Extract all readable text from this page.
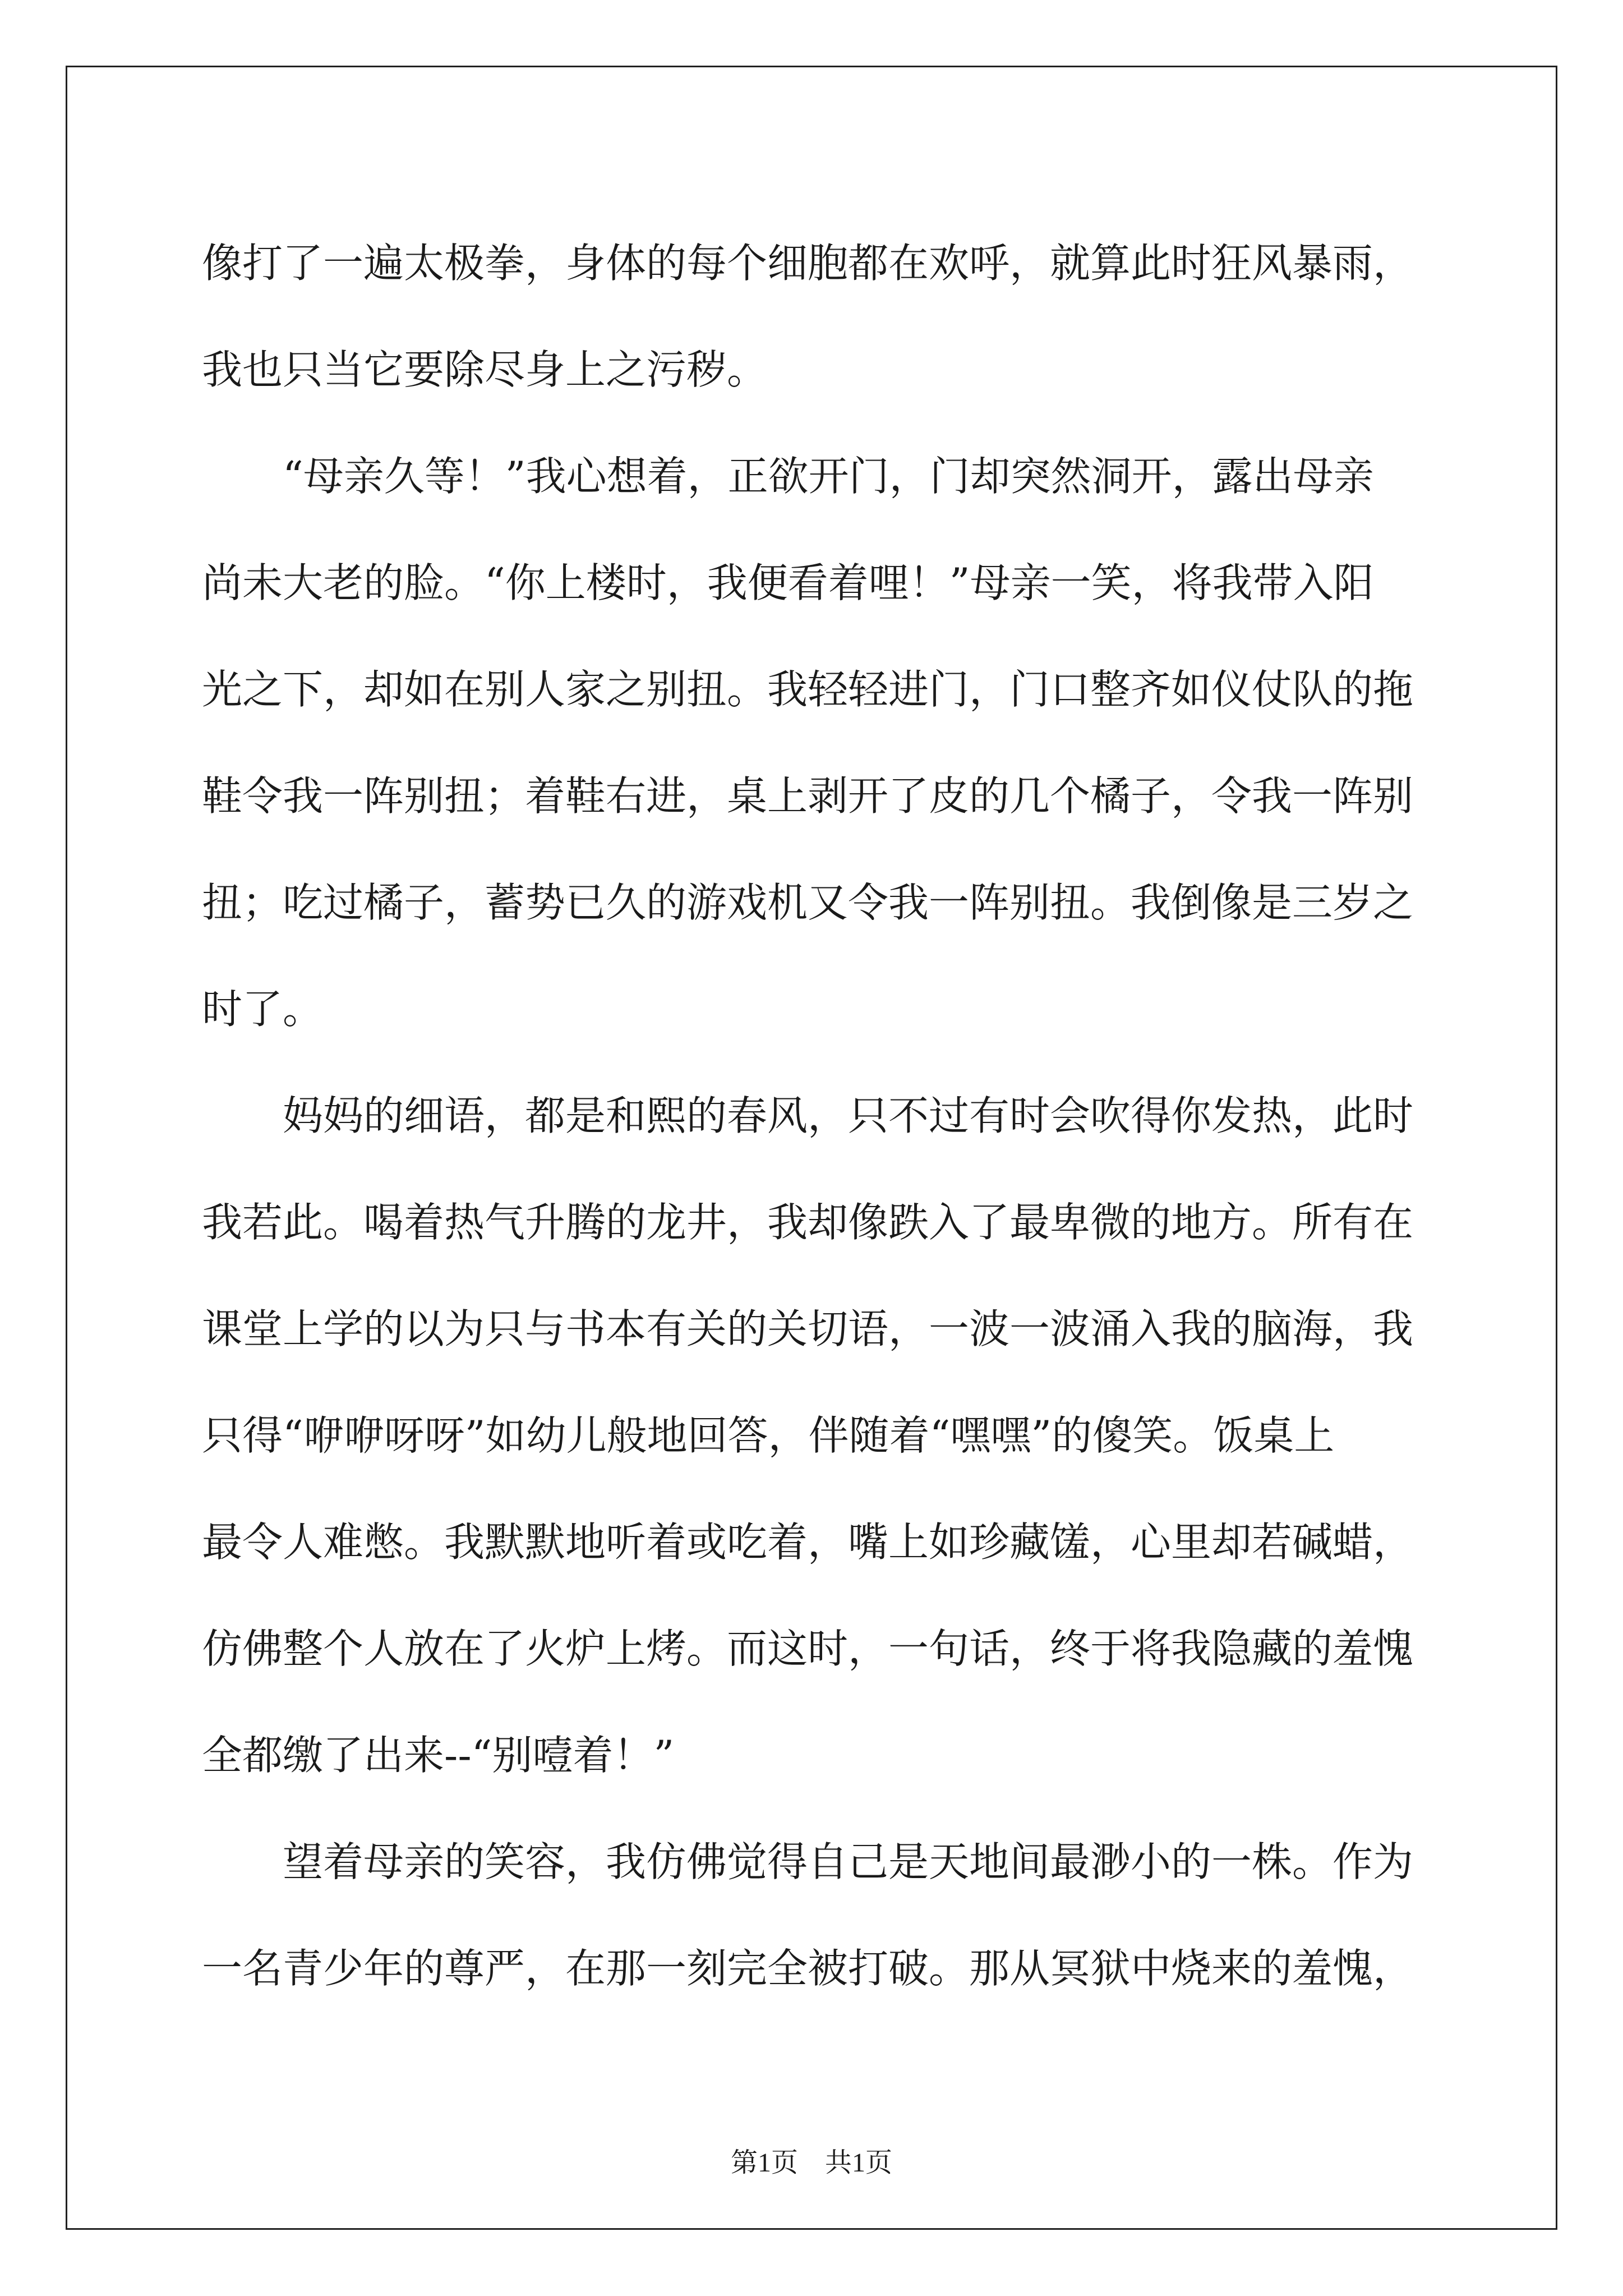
像打了一遍太极拳，身体的每个细胞都在欢呼，就算此时狂风暴雨，
我也只当它要除尽身上之污秽。
　　“母亲久等！”我心想着，正欲开门，门却突然洞开，露出母亲
尚未大老的脸。“你上楼时，我便看着哩！”母亲一笑，将我带入阳
光之下，却如在别人家之别扭。我轻轻进门，门口整齐如仪仗队的拖
鞋令我一阵别扭；着鞋右进，桌上剥开了皮的几个橘子，令我一阵别
扭；吃过橘子，蓄势已久的游戏机又令我一阵别扭。我倒像是三岁之
时了。
　　妈妈的细语，都是和熙的春风，只不过有时会吹得你发热，此时
我若此。喝着热气升腾的龙井，我却像跌入了最卑微的地方。所有在
课堂上学的以为只与书本有关的关切语，一波一波涌入我的脑海，我
只得“咿咿呀呀”如幼儿般地回答，伴随着“嘿嘿”的傻笑。饭桌上
最令人难憋。我默默地听着或吃着，嘴上如珍藏馐，心里却若碱蜡，
仿佛整个人放在了火炉上烤。而这时，一句话，终于将我隐藏的羞愧
全都缴了出来--“别噎着！”
　　望着母亲的笑容，我仿佛觉得自己是天地间最渺小的一株。作为
一名青少年的尊严，在那一刻完全被打破。那从冥狱中烧来的羞愧，
第1页　共1页
